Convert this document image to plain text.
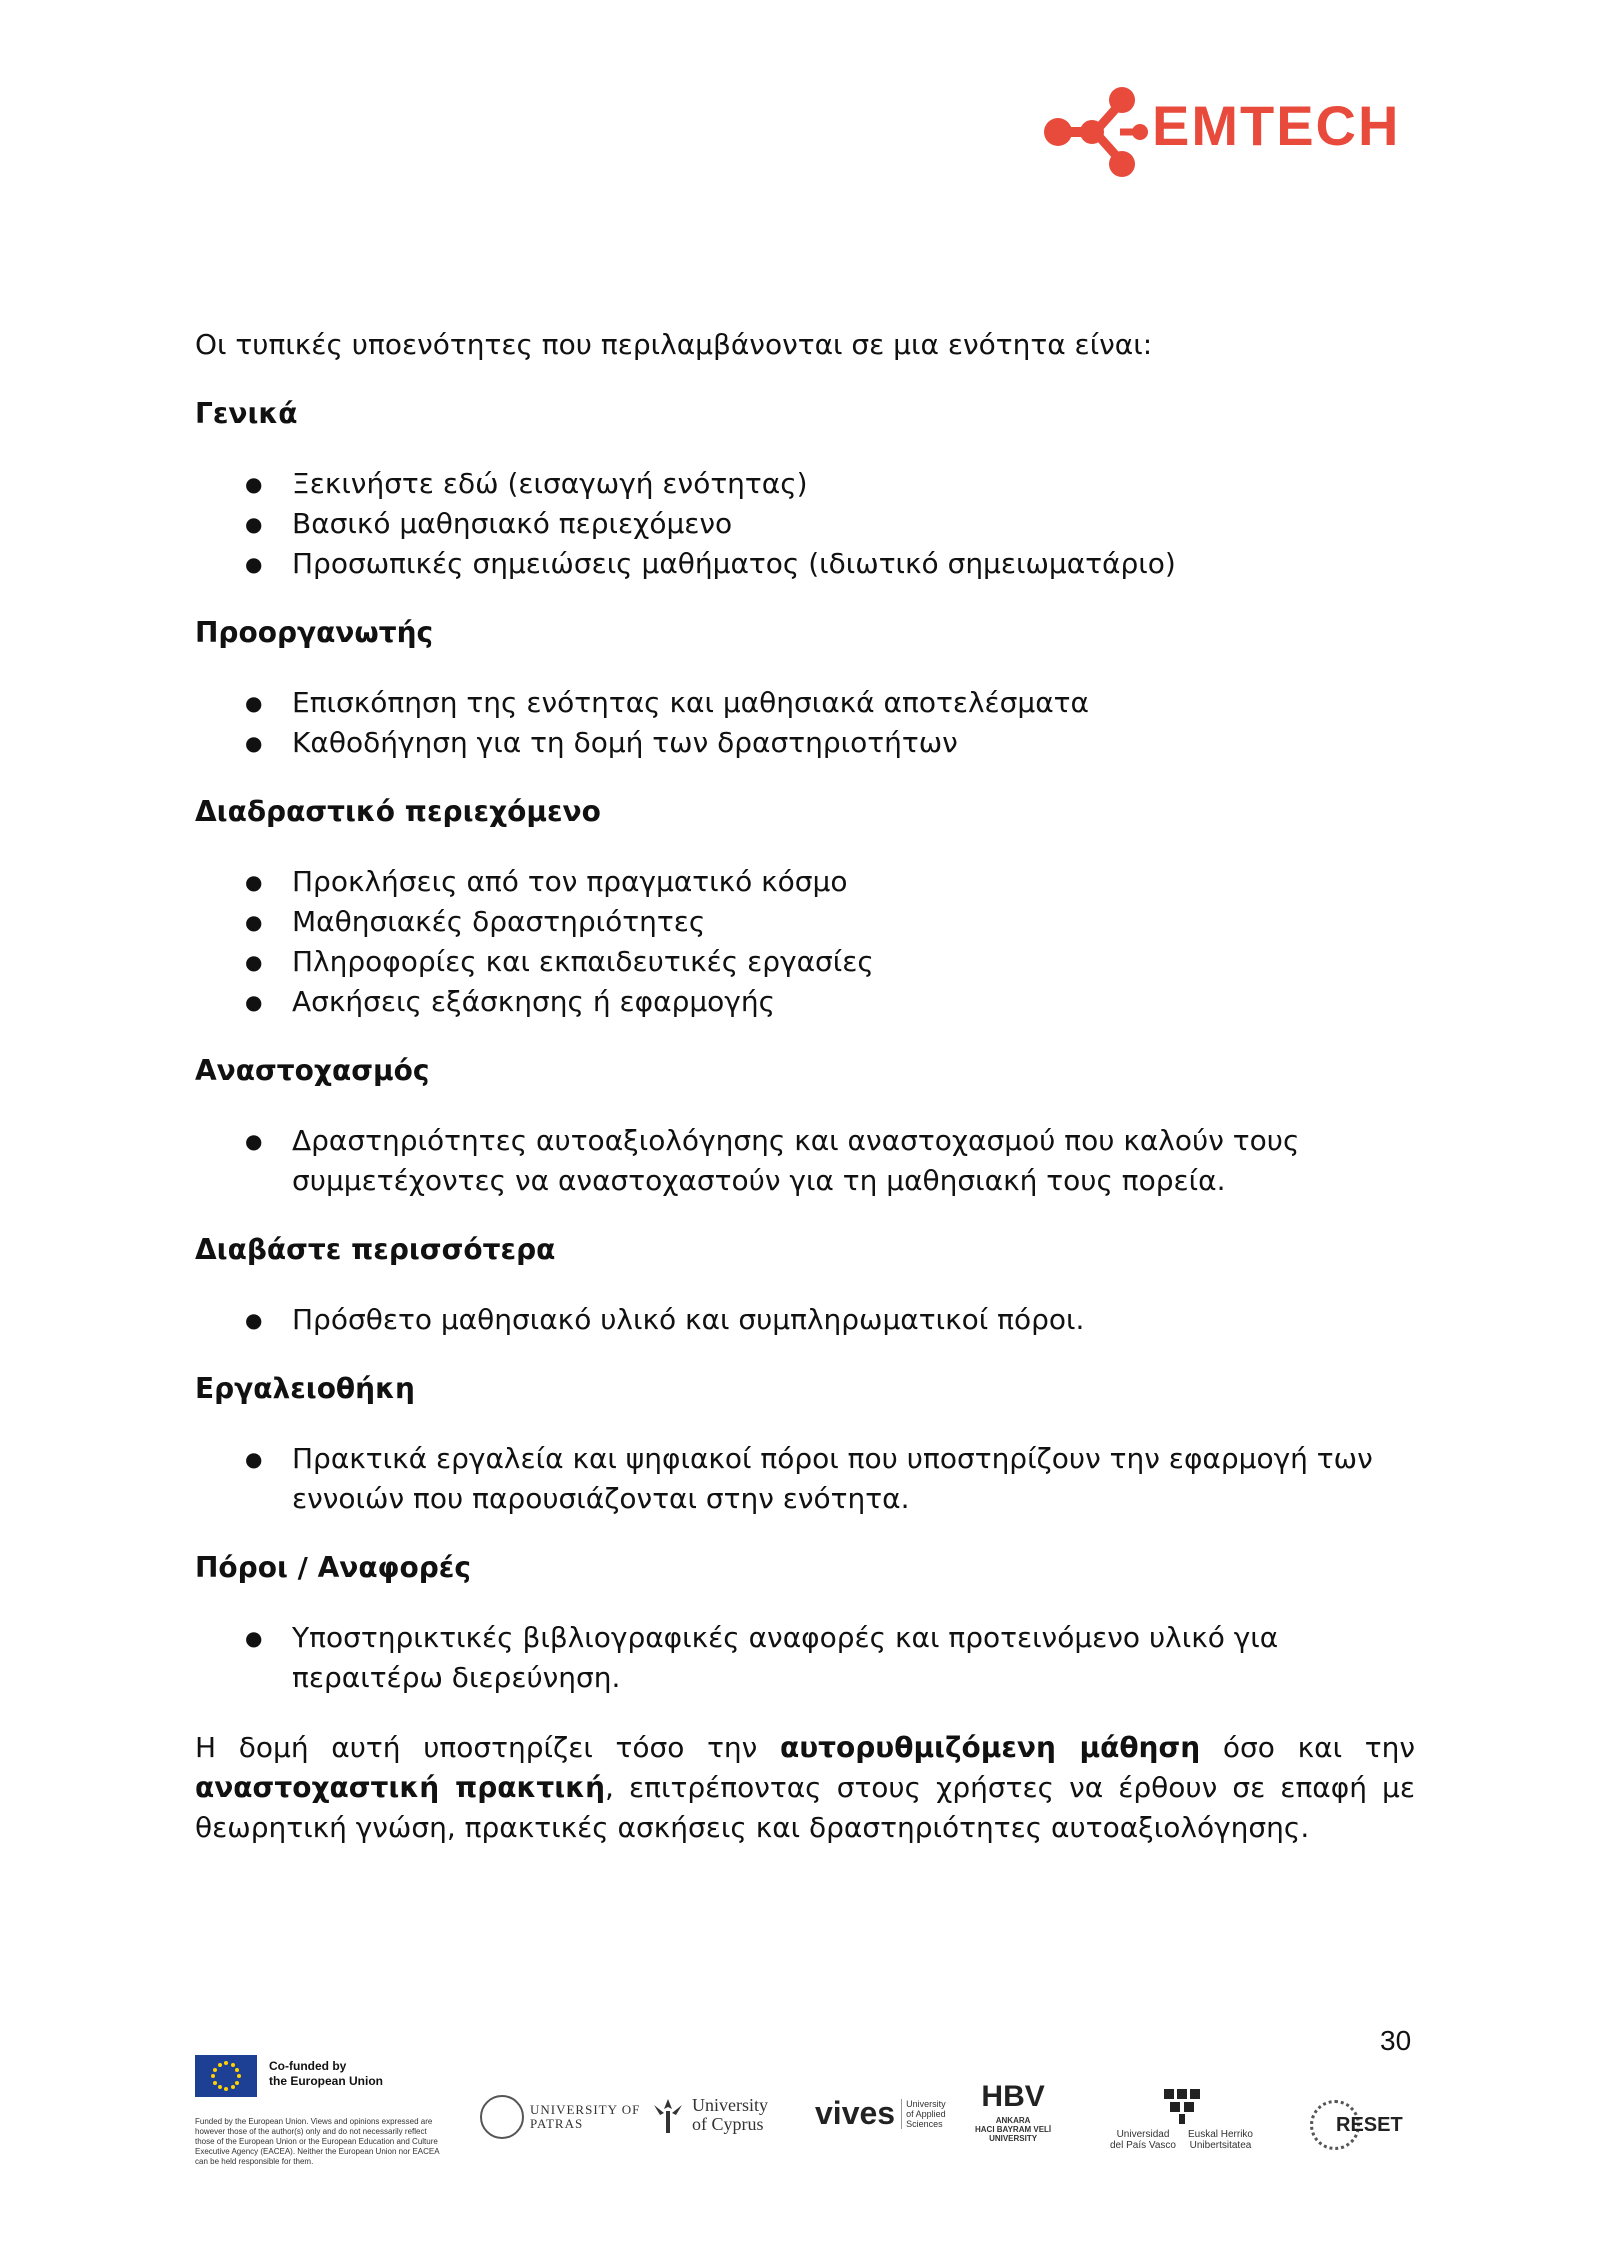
EMTECH

Οι τυπικές υποενότητες που περιλαμβάνονται σε μια ενότητα είναι:

Γενικά

● Ξεκινήστε εδώ (εισαγωγή ενότητας)
● Βασικό μαθησιακό περιεχόμενο
● Προσωπικές σημειώσεις μαθήματος (ιδιωτικό σημειωματάριο)

Προοργανωτής

● Επισκόπηση της ενότητας και μαθησιακά αποτελέσματα
● Καθοδήγηση για τη δομή των δραστηριοτήτων

Διαδραστικό περιεχόμενο

● Προκλήσεις από τον πραγματικό κόσμο
● Μαθησιακές δραστηριότητες
● Πληροφορίες και εκπαιδευτικές εργασίες
● Ασκήσεις εξάσκησης ή εφαρμογής

Αναστοχασμός

● Δραστηριότητες αυτοαξιολόγησης και αναστοχασμού που καλούν τους συμμετέχοντες να αναστοχαστούν για τη μαθησιακή τους πορεία.

Διαβάστε περισσότερα

● Πρόσθετο μαθησιακό υλικό και συμπληρωματικοί πόροι.

Εργαλειοθήκη

● Πρακτικά εργαλεία και ψηφιακοί πόροι που υποστηρίζουν την εφαρμογή των εννοιών που παρουσιάζονται στην ενότητα.

Πόροι / Αναφορές

● Υποστηρικτικές βιβλιογραφικές αναφορές και προτεινόμενο υλικό για περαιτέρω διερεύνηση.

Η δομή αυτή υποστηρίζει τόσο την αυτορυθμιζόμενη μάθηση όσο και την αναστοχαστική πρακτική, επιτρέποντας στους χρήστες να έρθουν σε επαφή με θεωρητική γνώση, πρακτικές ασκήσεις και δραστηριότητες αυτοαξιολόγησης.

30
Co-funded by
the European Union
Funded by the European Union. Views and opinions expressed are however those of the author(s) only and do not necessarily reflect those of the European Union or the European Education and Culture Executive Agency (EACEA). Neither the European Union nor EACEA can be held responsible for them.
UNIVERSITY OF
PATRAS
University
of Cyprus vives University
of Applied
Sciences
HBV
ANKARA
HACI BAYRAM VELİ
UNIVERSITY	Universidad
del País Vasco
Euskal Herriko
Unibertsitatea
RESET
